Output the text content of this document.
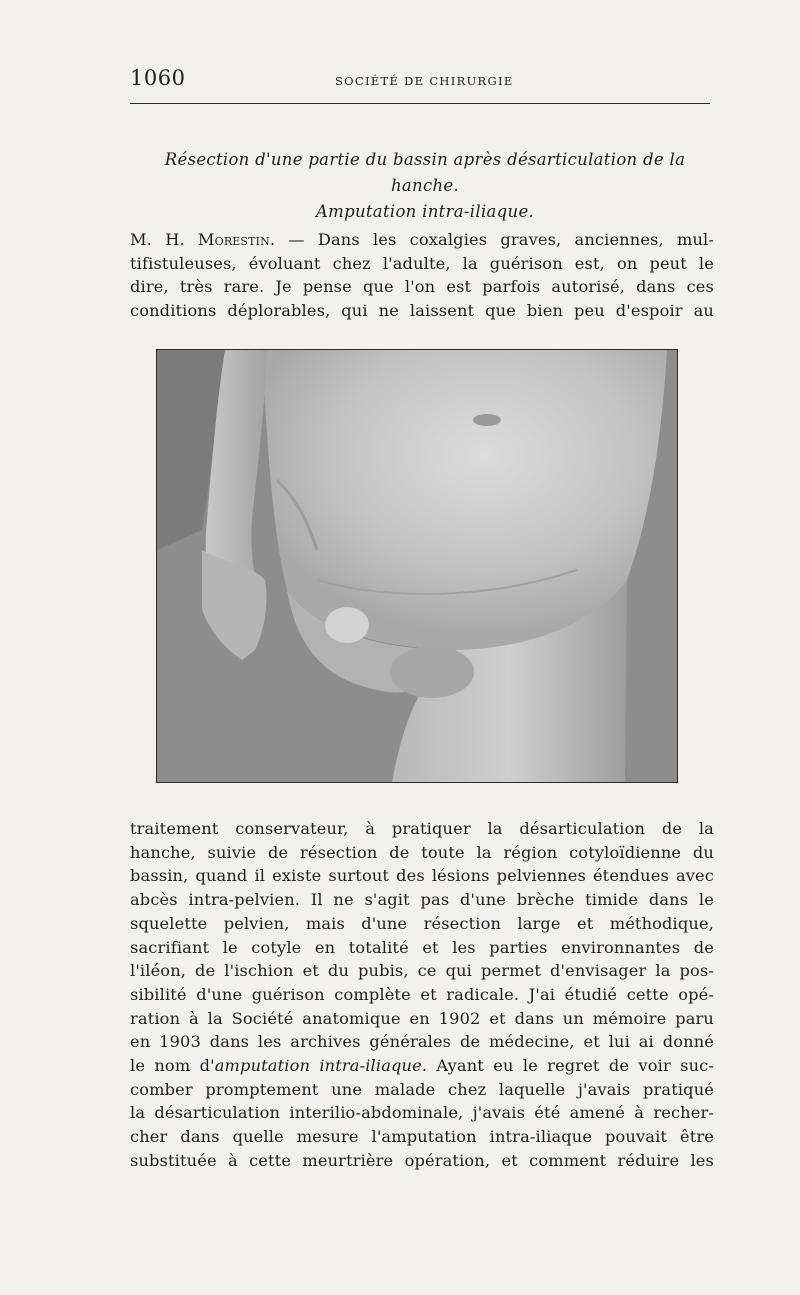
1060	SOCIÉTÉ DE CHIRURGIE
Résection d'une partie du bassin après désarticulation de la hanche.
Amputation intra-iliaque.
M. H. Morestin. — Dans les coxalgies graves, anciennes, mul-
tifistuleuses, évoluant chez l'adulte, la guérison est, on peut le
dire, très rare. Je pense que l'on est parfois autorisé, dans ces
conditions déplorables, qui ne laissent que bien peu d'espoir au
traitement conservateur, à pratiquer la désarticulation de la
hanche, suivie de résection de toute la région cotyloïdienne du
bassin, quand il existe surtout des lésions pelviennes étendues avec
abcès intra-pelvien. Il ne s'agit pas d'une brèche timide dans le
squelette pelvien, mais d'une résection large et méthodique,
sacrifiant le cotyle en totalité et les parties environnantes de
l'iléon, de l'ischion et du pubis, ce qui permet d'envisager la pos-
sibilité d'une guérison complète et radicale. J'ai étudié cette opé-
ration à la Société anatomique en 1902 et dans un mémoire paru
en 1903 dans les archives générales de médecine, et lui ai donné
le nom d'amputation intra-iliaque. Ayant eu le regret de voir suc-
comber promptement une malade chez laquelle j'avais pratiqué
la désarticulation interilio-abdominale, j'avais été amené à recher-
cher dans quelle mesure l'amputation intra-iliaque pouvait être
substituée à cette meurtrière opération, et comment réduire les
